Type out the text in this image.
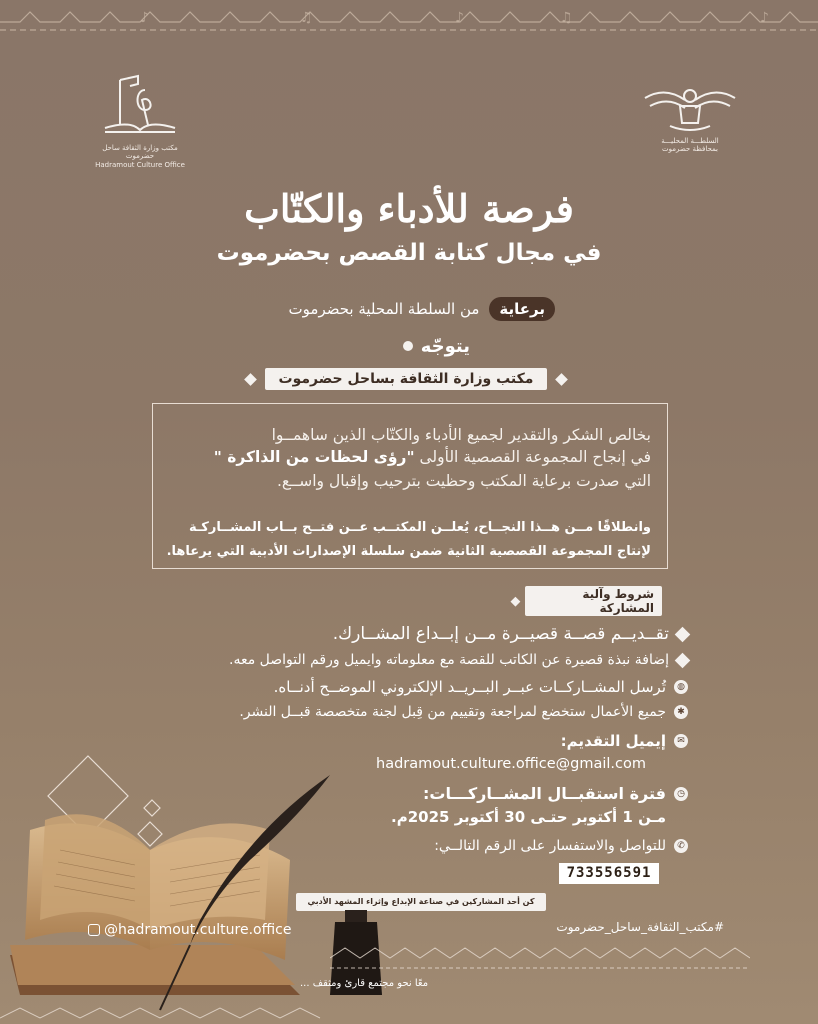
♪	♫	♪	♫	♪
مكتب وزارة الثقافة ساحل حضرموت
Hadramout Culture Office
السلطـــة المحليـــة
بمحافظة حضرموت
فرصة للأدباء والكتّاب
في مجال كتابة القصص بحضرموت
برعاية
من السلطة المحلية بحضرموت
يتوجّه
مكتب وزارة الثقافة بساحل حضرموت
بخالص الشكر والتقدير لجميع الأدباء والكتّاب الذين ساهمــوا
في إنجاح المجموعة القصصية الأولى "رؤى لحظات من الذاكرة "
التي صدرت برعاية المكتب وحظيت بترحيب وإقبال واســع.
وانطلاقًا مــن هــذا النجــاح، يُعلــن المكتــب عــن فتــح بــاب المشــاركـة
لإنتاج المجموعة القصصية الثانية ضمن سلسلة الإصدارات الأدبية التي يرعاها.
شروط وآلية المشاركة
تقــديــم قصــة قصيــرة مــن إبــداع المشــارك.
إضافة نبذة قصيرة عن الكاتب للقصة مع معلوماته وايميل ورقم التواصل معه.
◍
تُرسل المشــاركــات عبــر البــريــد الإلكتروني الموضــح أدنــاه.
✱
جميع الأعمال ستخضع لمراجعة وتقييم من قِبل لجنة متخصصة قبــل النشر.
✉
إيميل التقديم:
hadramout.culture.office@gmail.com
◷
فترة استقبــال المشــاركـــات:
مـن 1 أكتوبر حتـى 30 أكتوبر 2025م.
✆
للتواصل والاستفسار على الرقم التالــي:
733556591
كن أحد المشاركين في صناعة الإبداع وإثراء المشهد الأدبي
@hadramout.culture.office	#مكتب_الثقافة_ساحل_حضرموت
معًا نحو مجتمع قارئ ومثقف ...
